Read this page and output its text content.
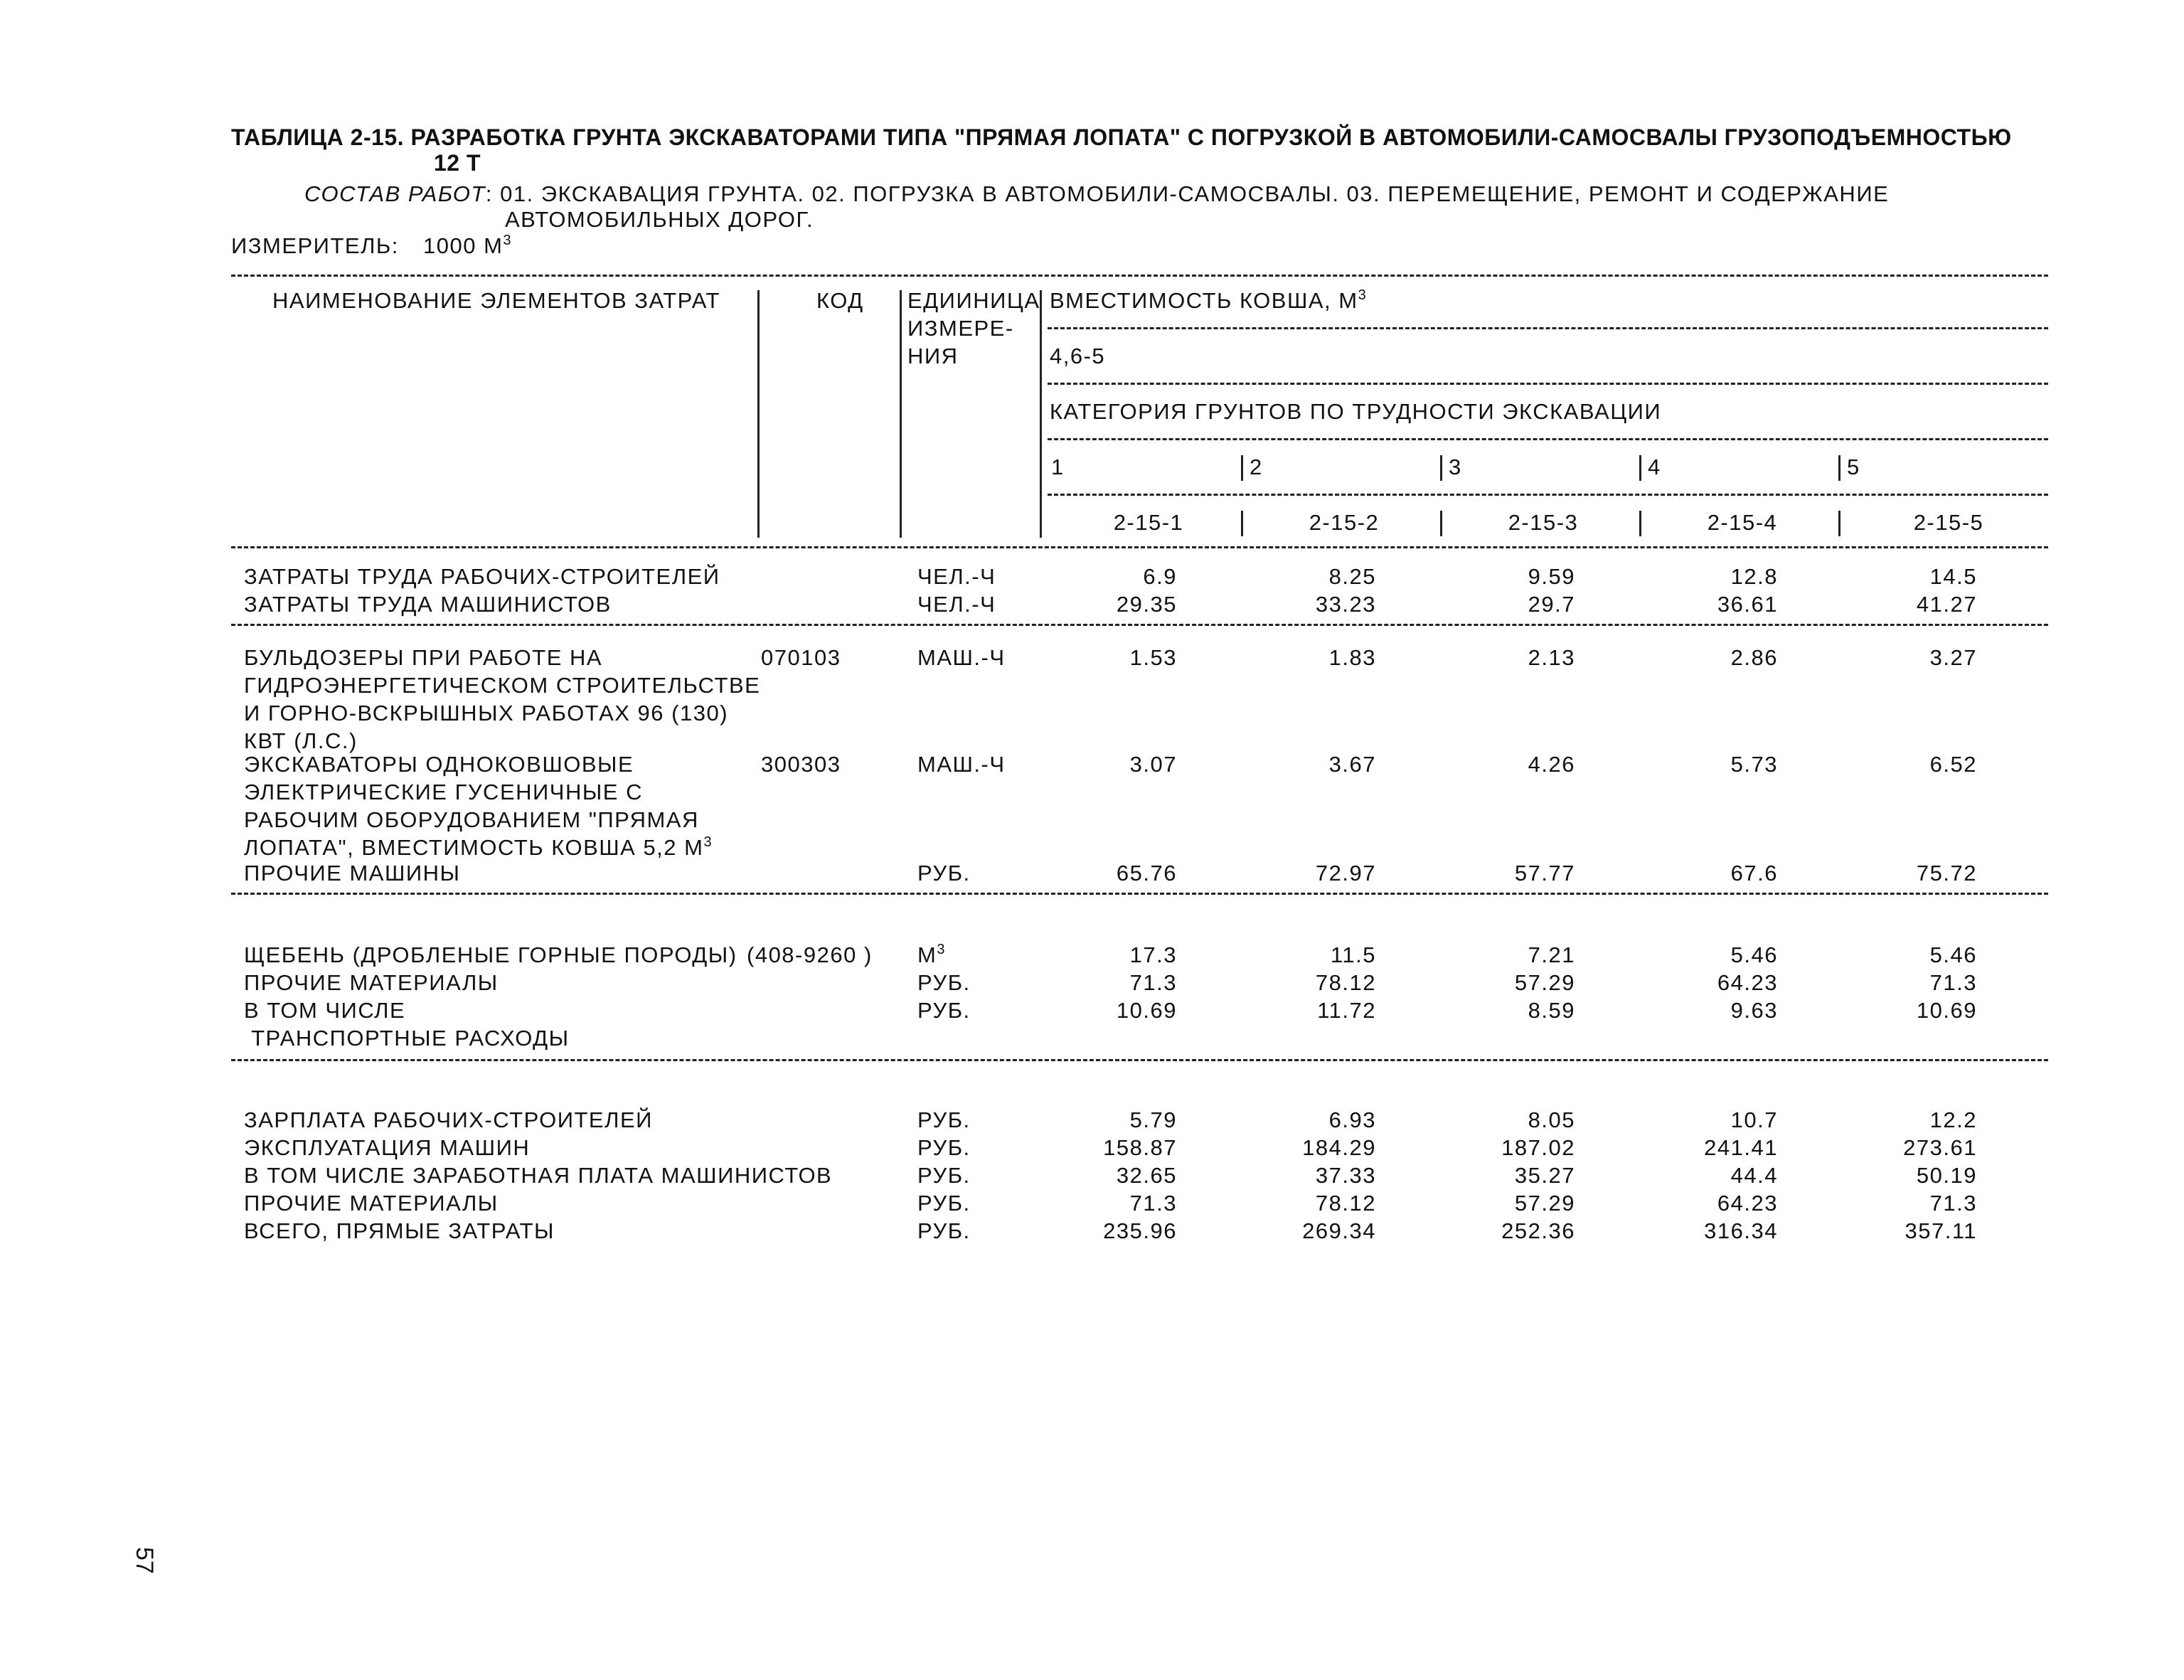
ТАБЛИЦА 2-15. РАЗРАБОТКА ГРУНТА ЭКСКАВАТОРАМИ ТИПА "ПРЯМАЯ ЛОПАТА" С ПОГРУЗКОЙ В АВТОМОБИЛИ-САМОСВАЛЫ ГРУЗОПОДЪЕМНОСТЬЮ
12 Т
СОСТАВ РАБОТ: 01. ЭКСКАВАЦИЯ ГРУНТА. 02. ПОГРУЗКА В АВТОМОБИЛИ-САМОСВАЛЫ. 03. ПЕРЕМЕЩЕНИЕ, РЕМОНТ И СОДЕРЖАНИЕ
АВТОМОБИЛЬНЫХ ДОРОГ.
ИЗМЕРИТЕЛЬ: 1000 $М^3$
НАИМЕНОВАНИЕ ЭЛЕМЕНТОВ ЗАТРАТ	КОД ЕДИИНИЦА
ИЗМЕРЕ-
НИЯ
ВМЕСТИМОСТЬ КОВША, $М^3$
4,6-5
КАТЕГОРИЯ ГРУНТОВ ПО ТРУДНОСТИ ЭКСКАВАЦИИ
1	2	3	4	5
2-15-1	2-15-2	2-15-3	2-15-4	2-15-5
ЗАТРАТЫ ТРУДА РАБОЧИХ-СТРОИТЕЛЕЙ	ЧЕЛ.-Ч	6.9	8.25	9.59	12.8	14.5
ЗАТРАТЫ ТРУДА МАШИНИСТОВ	ЧЕЛ.-Ч	29.35	33.23	29.7	36.61	41.27
БУЛЬДОЗЕРЫ ПРИ РАБОТЕ НА
ГИДРОЭНЕРГЕТИЧЕСКОМ СТРОИТЕЛЬСТВЕ
И ГОРНО-ВСКРЫШНЫХ РАБОТАХ 96 (130)
КВТ (Л.С.)
070103	МАШ.-Ч	1.53	1.83	2.13	2.86	3.27
ЭКСКАВАТОРЫ ОДНОКОВШОВЫЕ
ЭЛЕКТРИЧЕСКИЕ ГУСЕНИЧНЫЕ С
РАБОЧИМ ОБОРУДОВАНИЕМ "ПРЯМАЯ
ЛОПАТА", ВМЕСТИМОСТЬ КОВША 5,2 $М^3$
300303	МАШ.-Ч	3.07	3.67	4.26	5.73	6.52
ПРОЧИЕ МАШИНЫ	РУБ.	65.76	72.97	57.77	67.6	75.72
ЩЕБЕНЬ (ДРОБЛЕНЫЕ ГОРНЫЕ ПОРОДЫ) (408-9260 ) $М^3$	17.3	11.5	7.21	5.46	5.46
ПРОЧИЕ МАТЕРИАЛЫ	РУБ.	71.3	78.12	57.29	64.23	71.3
В ТОМ ЧИСЛЕ
ТРАНСПОРТНЫЕ РАСХОДЫ
РУБ.	10.69	11.72	8.59	9.63	10.69
ЗАРПЛАТА РАБОЧИХ-СТРОИТЕЛЕЙ	РУБ.	5.79	6.93	8.05	10.7	12.2
ЭКСПЛУАТАЦИЯ МАШИН	РУБ.	158.87	184.29	187.02	241.41	273.61
В ТОМ ЧИСЛЕ ЗАРАБОТНАЯ ПЛАТА МАШИНИСТОВ	РУБ.	32.65	37.33	35.27	44.4	50.19
ПРОЧИЕ МАТЕРИАЛЫ	РУБ.	71.3	78.12	57.29	64.23	71.3
ВСЕГО, ПРЯМЫЕ ЗАТРАТЫ	РУБ.	235.96	269.34	252.36	316.34	357.11
57
